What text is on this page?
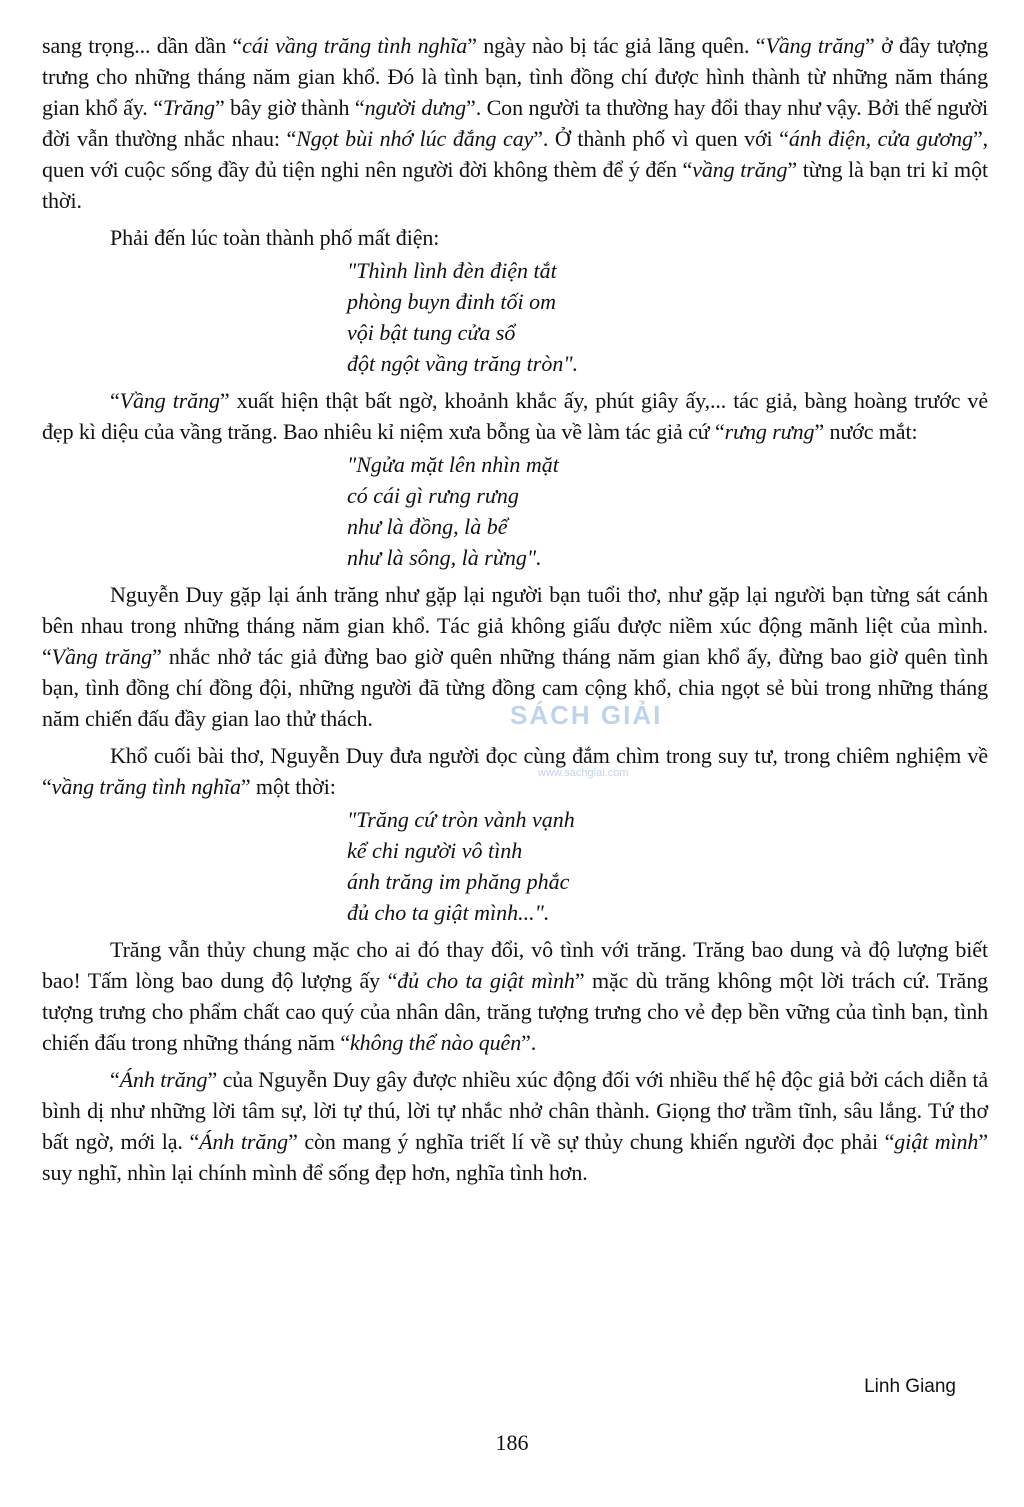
sang trọng... dần dần “cái vầng trăng tình nghĩa” ngày nào bị tác giả lãng quên. “Vầng trăng” ở đây tượng trưng cho những tháng năm gian khổ. Đó là tình bạn, tình đồng chí được hình thành từ những năm tháng gian khổ ấy. “Trăng” bây giờ thành “người dưng”. Con người ta thường hay đổi thay như vậy. Bởi thế người đời vẫn thường nhắc nhau: “Ngọt bùi nhớ lúc đắng cay”. Ở thành phố vì quen với “ánh điện, cửa gương”, quen với cuộc sống đầy đủ tiện nghi nên người đời không thèm để ý đến “vầng trăng” từng là bạn tri kỉ một thời.

Phải đến lúc toàn thành phố mất điện:

"Thình lình đèn điện tắt
phòng buyn đinh tối om
vội bật tung cửa sổ
đột ngột vầng trăng tròn".

“Vầng trăng” xuất hiện thật bất ngờ, khoảnh khắc ấy, phút giây ấy,... tác giả, bàng hoàng trước vẻ đẹp kì diệu của vầng trăng. Bao nhiêu kỉ niệm xưa bỗng ùa về làm tác giả cứ “rưng rưng” nước mắt:

"Ngửa mặt lên nhìn mặt
có cái gì rưng rưng
như là đồng, là bể
như là sông, là rừng".

Nguyễn Duy gặp lại ánh trăng như gặp lại người bạn tuổi thơ, như gặp lại người bạn từng sát cánh bên nhau trong những tháng năm gian khổ. Tác giả không giấu được niềm xúc động mãnh liệt của mình. “Vầng trăng” nhắc nhở tác giả đừng bao giờ quên những tháng năm gian khổ ấy, đừng bao giờ quên tình bạn, tình đồng chí đồng đội, những người đã từng đồng cam cộng khổ, chia ngọt sẻ bùi trong những tháng năm chiến đấu đầy gian lao thử thách.

Khổ cuối bài thơ, Nguyễn Duy đưa người đọc cùng đắm chìm trong suy tư, trong chiêm nghiệm về “vầng trăng tình nghĩa” một thời:

"Trăng cứ tròn vành vạnh
kể chi người vô tình
ánh trăng im phăng phắc
đủ cho ta giật mình...".

Trăng vẫn thủy chung mặc cho ai đó thay đổi, vô tình với trăng. Trăng bao dung và độ lượng biết bao! Tấm lòng bao dung độ lượng ấy “đủ cho ta giật mình” mặc dù trăng không một lời trách cứ. Trăng tượng trưng cho phẩm chất cao quý của nhân dân, trăng tượng trưng cho vẻ đẹp bền vững của tình bạn, tình chiến đấu trong những tháng năm “không thể nào quên”.

“Ánh trăng” của Nguyễn Duy gây được nhiều xúc động đối với nhiều thế hệ độc giả bởi cách diễn tả bình dị như những lời tâm sự, lời tự thú, lời tự nhắc nhở chân thành. Giọng thơ trầm tĩnh, sâu lắng. Tứ thơ bất ngờ, mới lạ. “Ánh trăng” còn mang ý nghĩa triết lí về sự thủy chung khiến người đọc phải “giật mình” suy nghĩ, nhìn lại chính mình để sống đẹp hơn, nghĩa tình hơn.

SÁCH GIẢI
www.sachgiai.com
Linh Giang
186
